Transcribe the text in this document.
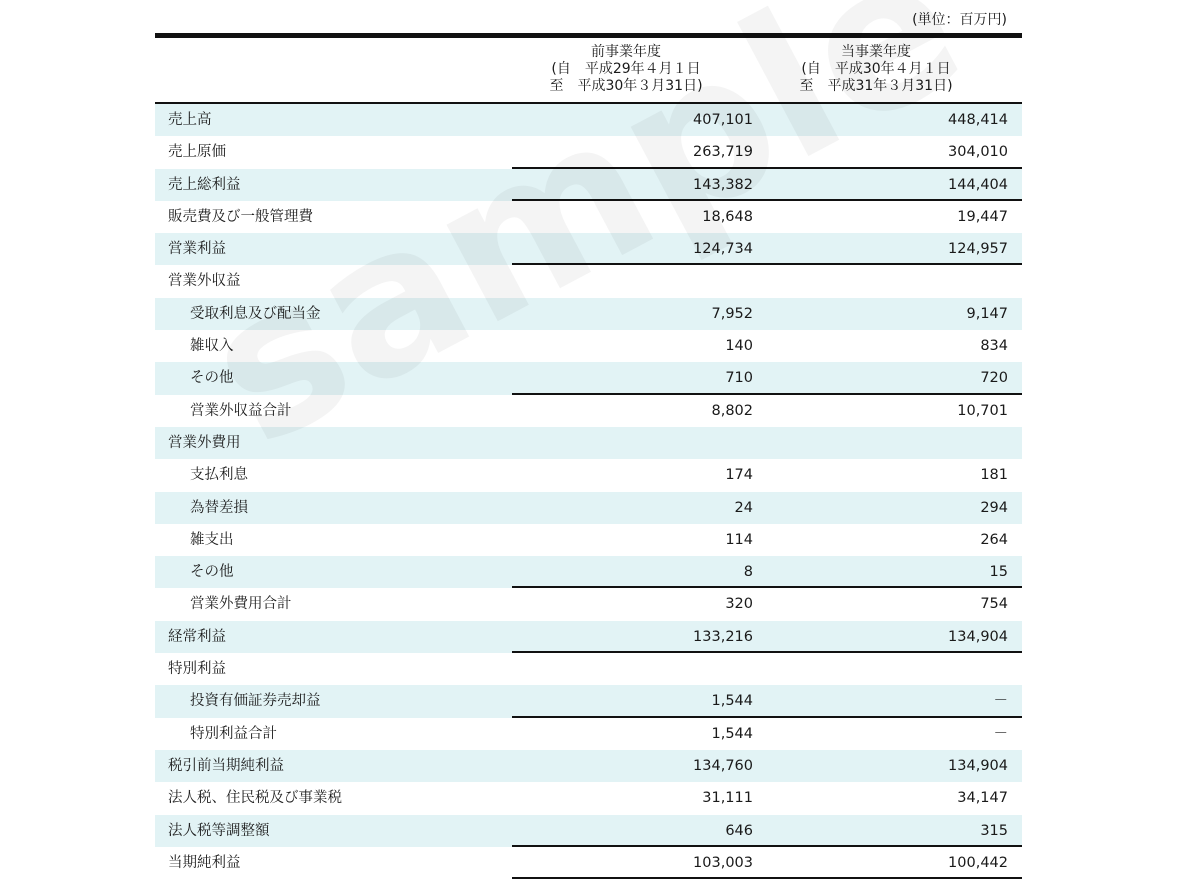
(単位：百万円)
前事業年度
(自　平成29年４月１日
至　平成30年３月31日)
当事業年度
(自　平成30年４月１日
至　平成31年３月31日)
売上高	407,101	448,414
売上原価	263,719	304,010
売上総利益	143,382	144,404
販売費及び一般管理費	18,648	19,447
営業利益	124,734	124,957
営業外収益
受取利息及び配当金	7,952	9,147
雑収入	140	834
その他	710	720
営業外収益合計	8,802	10,701
営業外費用
支払利息	174	181
為替差損	24	294
雑支出	114	264
その他	8	15
営業外費用合計	320	754
経常利益	133,216	134,904
特別利益
投資有価証券売却益	1,544	－
特別利益合計	1,544	－
税引前当期純利益	134,760	134,904
法人税、住民税及び事業税	31,111	34,147
法人税等調整額	646	315
当期純利益	103,003	100,442
